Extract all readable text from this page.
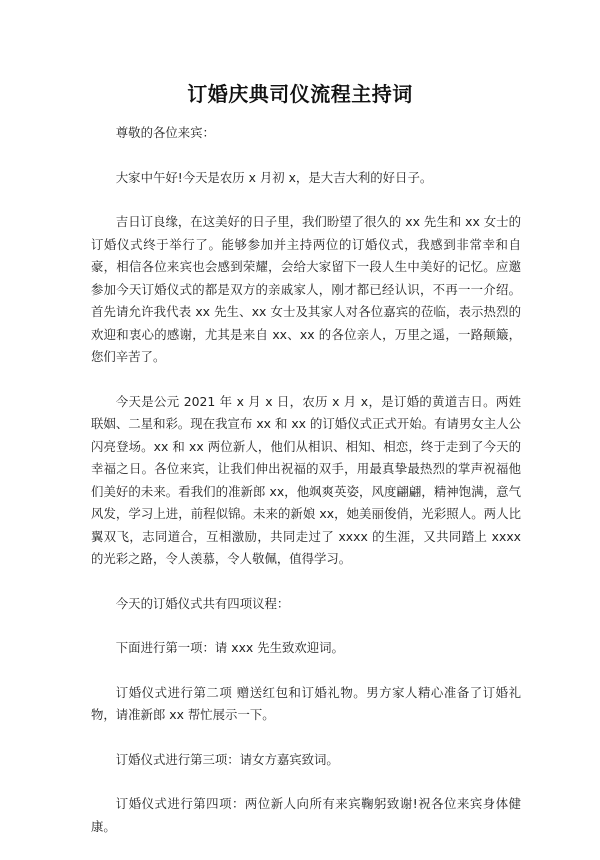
订婚庆典司仪流程主持词

尊敬的各位来宾：

大家中午好!今天是农历 x 月初 x，是大吉大利的好日子。

吉日订良缘，在这美好的日子里，我们盼望了很久的 xx 先生和 xx 女士的订婚仪式终于举行了。能够参加并主持两位的订婚仪式，我感到非常幸和自豪，相信各位来宾也会感到荣耀，会给大家留下一段人生中美好的记忆。应邀参加今天订婚仪式的都是双方的亲戚家人，刚才都已经认识，不再一一介绍。首先请允许我代表 xx 先生、xx 女士及其家人对各位嘉宾的莅临，表示热烈的欢迎和衷心的感谢，尤其是来自 xx、xx 的各位亲人，万里之遥，一路颠簸，您们辛苦了。

今天是公元 2021 年 x 月 x 日，农历 x 月 x，是订婚的黄道吉日。两姓联姻、二星和彩。现在我宣布 xx 和 xx 的订婚仪式正式开始。有请男女主人公闪亮登场。xx 和 xx 两位新人，他们从相识、相知、相恋，终于走到了今天的幸福之日。各位来宾，让我们伸出祝福的双手，用最真挚最热烈的掌声祝福他们美好的未来。看我们的准新郎 xx，他飒爽英姿，风度翩翩，精神饱满，意气风发，学习上进，前程似锦。未来的新娘 xx，她美丽俊俏，光彩照人。两人比翼双飞，志同道合，互相激励，共同走过了 xxxx 的生涯，又共同踏上 xxxx 的光彩之路，令人羡慕，令人敬佩，值得学习。

今天的订婚仪式共有四项议程：

下面进行第一项：请 xxx 先生致欢迎词。

订婚仪式进行第二项 赠送红包和订婚礼物。男方家人精心准备了订婚礼物，请准新郎 xx 帮忙展示一下。

订婚仪式进行第三项：请女方嘉宾致词。

订婚仪式进行第四项：两位新人向所有来宾鞠躬致谢!祝各位来宾身体健康。
